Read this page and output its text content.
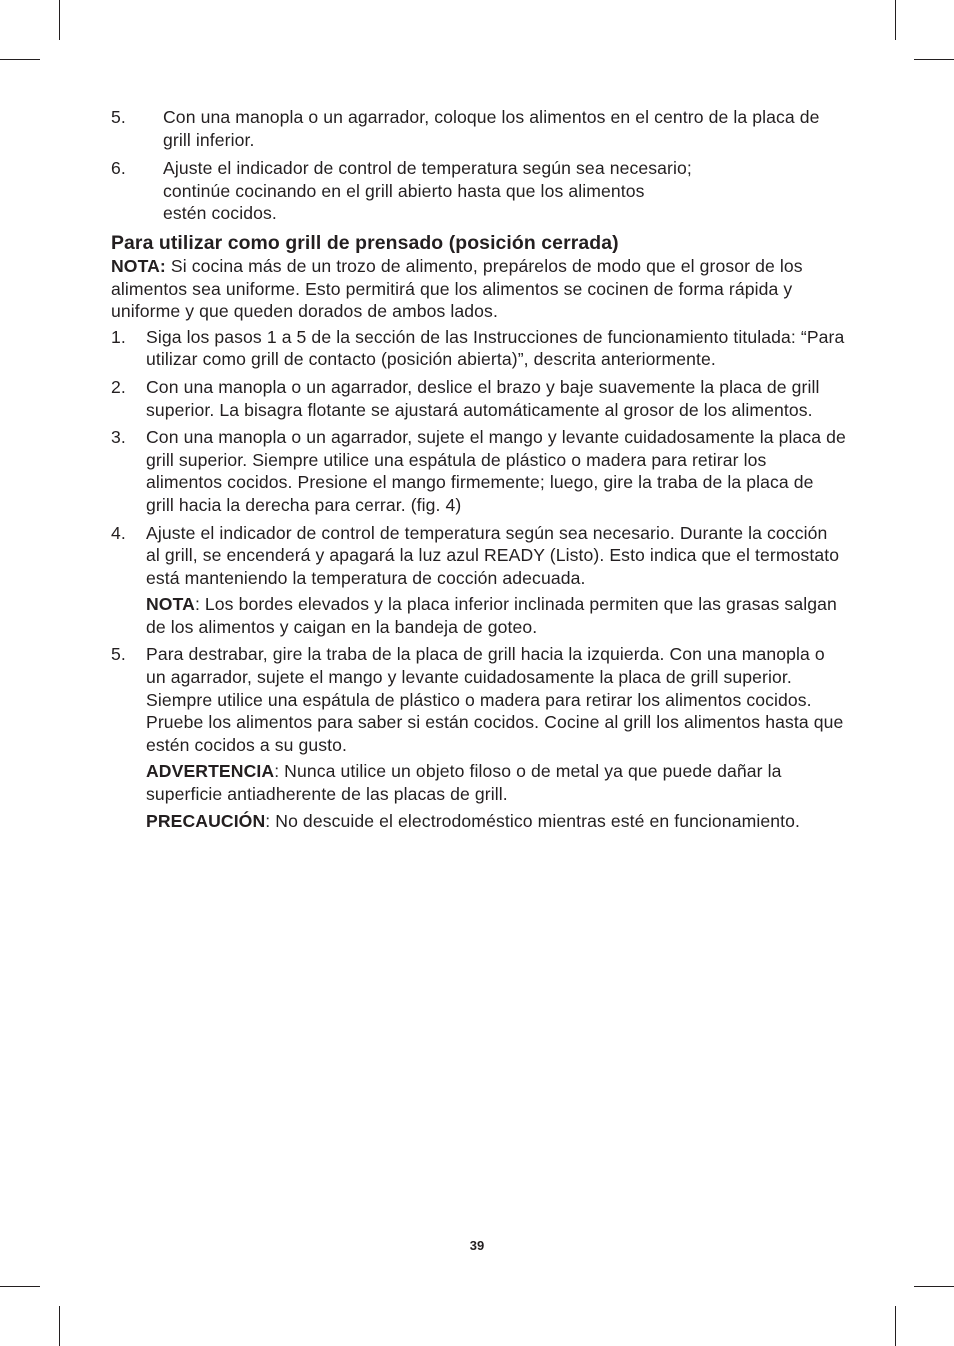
5. Con una manopla o un agarrador, coloque los alimentos en el centro de la placa de grill inferior.
6. Ajuste el indicador de control de temperatura según sea necesario;
continúe cocinando en el grill abierto hasta que los alimentos
estén cocidos.
Para utilizar como grill de prensado (posición cerrada)
NOTA: Si cocina más de un trozo de alimento, prepárelos de modo que el grosor de los alimentos sea uniforme. Esto permitirá que los alimentos se cocinen de forma rápida y uniforme y que queden dorados de ambos lados.
1. Siga los pasos 1 a 5 de la sección de las Instrucciones de funcionamiento titulada: “Para utilizar como grill de contacto (posición abierta)”, descrita anteriormente.
2. Con una manopla o un agarrador, deslice el brazo y baje suavemente la placa de grill superior. La bisagra flotante se ajustará automáticamente al grosor de los alimentos.
3. Con una manopla o un agarrador, sujete el mango y levante cuidadosamente la placa de grill superior. Siempre utilice una espátula de plástico o madera para retirar los alimentos cocidos. Presione el mango firmemente; luego, gire la traba de la placa de grill hacia la derecha para cerrar. (fig. 4)
4. Ajuste el indicador de control de temperatura según sea necesario. Durante la cocción al grill, se encenderá y apagará la luz azul READY (Listo). Esto indica que el termostato está manteniendo la temperatura de cocción adecuada.
NOTA: Los bordes elevados y la placa inferior inclinada permiten que las grasas salgan de los alimentos y caigan en la bandeja de goteo.
5. Para destrabar, gire la traba de la placa de grill hacia la izquierda. Con una manopla o un agarrador, sujete el mango y levante cuidadosamente la placa de grill superior. Siempre utilice una espátula de plástico o madera para retirar los alimentos cocidos. Pruebe los alimentos para saber si están cocidos. Cocine al grill los alimentos hasta que estén cocidos a su gusto.
ADVERTENCIA: Nunca utilice un objeto filoso o de metal ya que puede dañar la superficie antiadherente de las placas de grill.
PRECAUCIÓN: No descuide el electrodoméstico mientras esté en funcionamiento.
39
